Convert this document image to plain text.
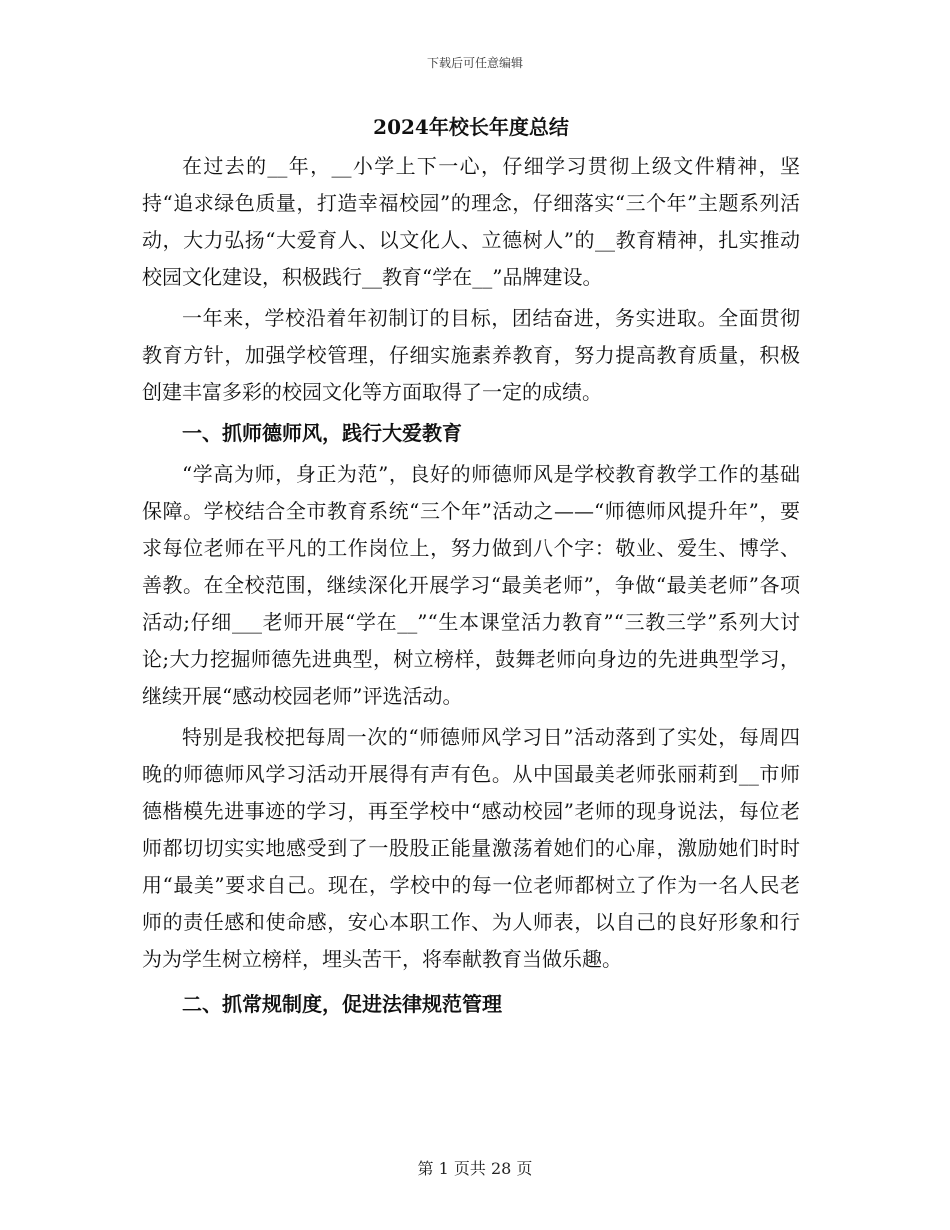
下载后可任意编辑
2024年校长年度总结

在过去的__年，__小学上下一心，仔细学习贯彻上级文件精神，坚持“追求绿色质量，打造幸福校园”的理念，仔细落实“三个年”主题系列活动，大力弘扬“大爱育人、以文化人、立德树人”的__教育精神，扎实推动校园文化建设，积极践行__教育“学在__”品牌建设。

一年来，学校沿着年初制订的目标，团结奋进，务实进取。全面贯彻教育方针，加强学校管理，仔细实施素养教育，努力提高教育质量，积极创建丰富多彩的校园文化等方面取得了一定的成绩。

一、抓师德师风，践行大爱教育

“学高为师，身正为范”，良好的师德师风是学校教育教学工作的基础保障。学校结合全市教育系统“三个年”活动之——“师德师风提升年”，要求每位老师在平凡的工作岗位上，努力做到八个字：敬业、爱生、博学、善教。在全校范围，继续深化开展学习“最美老师”，争做“最美老师”各项活动;仔细___老师开展“学在__”“生本课堂活力教育”“三教三学”系列大讨论;大力挖掘师德先进典型，树立榜样，鼓舞老师向身边的先进典型学习，继续开展“感动校园老师”评选活动。

特别是我校把每周一次的“师德师风学习日”活动落到了实处，每周四晚的师德师风学习活动开展得有声有色。从中国最美老师张丽莉到__市师德楷模先进事迹的学习，再至学校中“感动校园”老师的现身说法，每位老师都切切实实地感受到了一股股正能量激荡着她们的心扉，激励她们时时用“最美”要求自己。现在，学校中的每一位老师都树立了作为一名人民老师的责任感和使命感，安心本职工作、为人师表，以自己的良好形象和行为为学生树立榜样，埋头苦干，将奉献教育当做乐趣。

二、抓常规制度，促进法律规范管理
第 1 页共 28 页
